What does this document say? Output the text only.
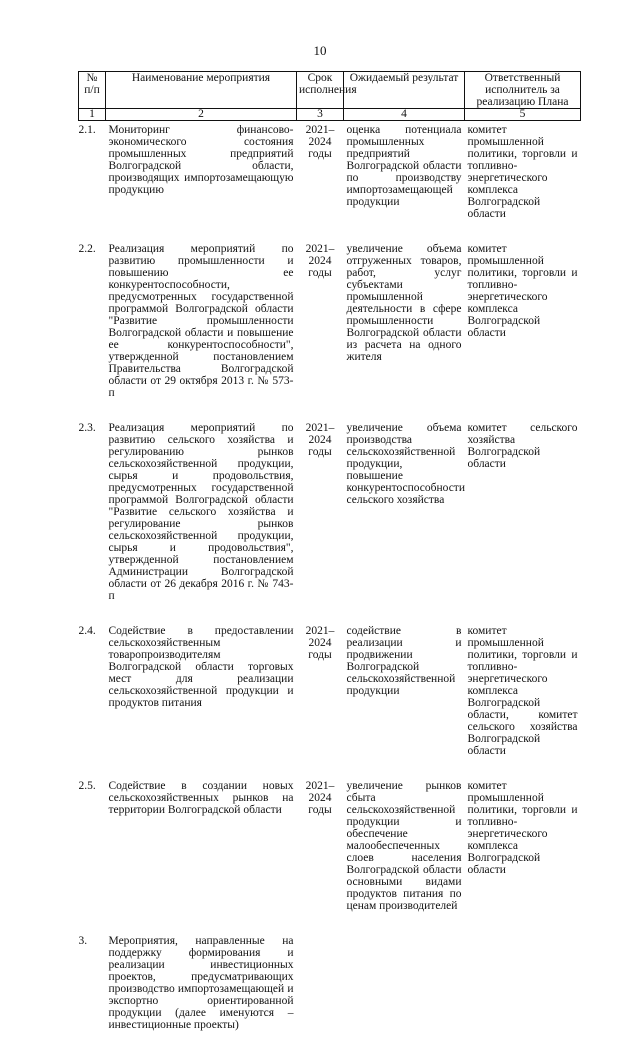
10
№ п/п	Наименование мероприятия	Срок исполнения	Ожидаемый результат	Ответственный исполнитель за реализацию Плана
1	2	3	4	5
2.1.	Мониторинг финансово-экономического состояния промышленных предприятий Волгоградской области, производящих импортозамещающую продукцию	2021–2024 годы	оценка потенциала промышленных предприятий Волгоградской области по производству импортозамещающей продукции	комитет промышленной политики, торговли и топливно-энергетического комплекса Волгоградской области
2.2.	Реализация мероприятий по развитию промышленности и повышению ее конкурентоспособности, предусмотренных государственной программой Волгоградской области "Развитие промышленности Волгоградской области и повышение ее конкурентоспособности", утвержденной постановлением Правительства Волгоградской области от 29 октября 2013 г. № 573-п	2021–2024 годы	увеличение объема отгруженных товаров, работ, услуг субъектами промышленной деятельности в сфере промышленности Волгоградской области из расчета на одного жителя	комитет промышленной политики, торговли и топливно-энергетического комплекса Волгоградской области
2.3.	Реализация мероприятий по развитию сельского хозяйства и регулированию рынков сельскохозяйственной продукции, сырья и продовольствия, предусмотренных государственной программой Волгоградской области "Развитие сельского хозяйства и регулирование рынков сельскохозяйственной продукции, сырья и продовольствия", утвержденной постановлением Администрации Волгоградской области от 26 декабря 2016 г. № 743-п	2021–2024 годы	увеличение объема производства сельскохозяйственной продукции, повышение конкурентоспособности сельского хозяйства	комитет сельского хозяйства Волгоградской области
2.4.	Содействие в предоставлении сельскохозяйственным товаропроизводителям Волгоградской области торговых мест для реализации сельскохозяйственной продукции и продуктов питания	2021–2024 годы	содействие в реализации и продвижении Волгоградской сельскохозяйственной продукции	комитет промышленной политики, торговли и топливно-энергетического комплекса Волгоградской области, комитет сельского хозяйства Волгоградской области
2.5.	Содействие в создании новых сельскохозяйственных рынков на территории Волгоградской области	2021–2024 годы	увеличение рынков сбыта сельскохозяйственной продукции и обеспечение малообеспеченных слоев населения Волгоградской области основными видами продуктов питания по ценам производителей	комитет промышленной политики, торговли и топливно-энергетического комплекса Волгоградской области
3.	Мероприятия, направленные на поддержку формирования и реализации инвестиционных проектов, предусматривающих производство импортозамещающей и экспортно ориентированной продукции (далее именуются – инвестиционные проекты)			
